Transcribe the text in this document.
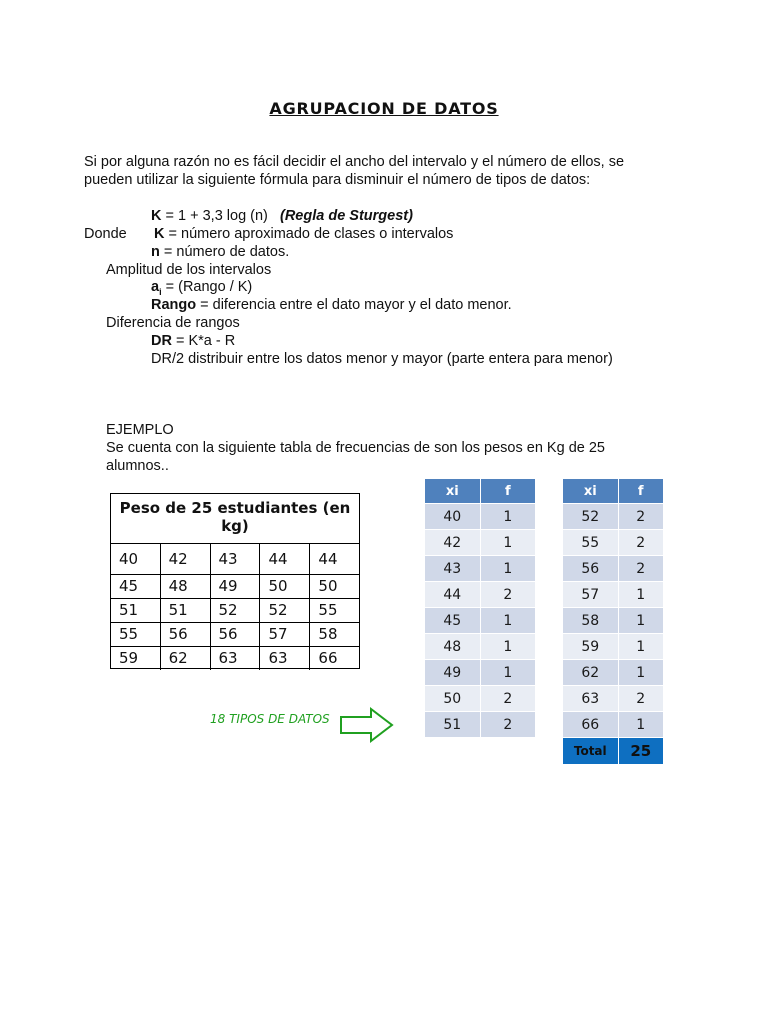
AGRUPACION DE DATOS
Si por alguna razón no es fácil decidir el ancho del intervalo y el número de ellos, se
pueden utilizar la siguiente fórmula para disminuir el número de tipos de datos:
K = 1 + 3,3 log (n) (Regla de Sturgest)
Donde K = número aproximado de clases o intervalos
n = número de datos.
Amplitud de los intervalos
$a_i$ = (Rango / K)
Rango = diferencia entre el dato mayor y el dato menor.
Diferencia de rangos
DR = K*a - R
DR/2 distribuir entre los datos menor y mayor (parte entera para menor)
EJEMPLO
Se cuenta con la siguiente tabla de frecuencias de son los pesos en Kg de 25
alumnos..
Peso de 25 estudiantes (en kg)
40	42	43	44	44
45	48	49	50	50
51	51	52	52	55
55	56	56	57	58
59	62	63	63	66
18 TIPOS DE DATOS
xi	f
40	1
42	1
43	1
44	2
45	1
48	1
49	1
50	2
51	2
xi	f
52	2
55	2
56	2
57	1
58	1
59	1
62	1
63	2
66	1
Total	25
